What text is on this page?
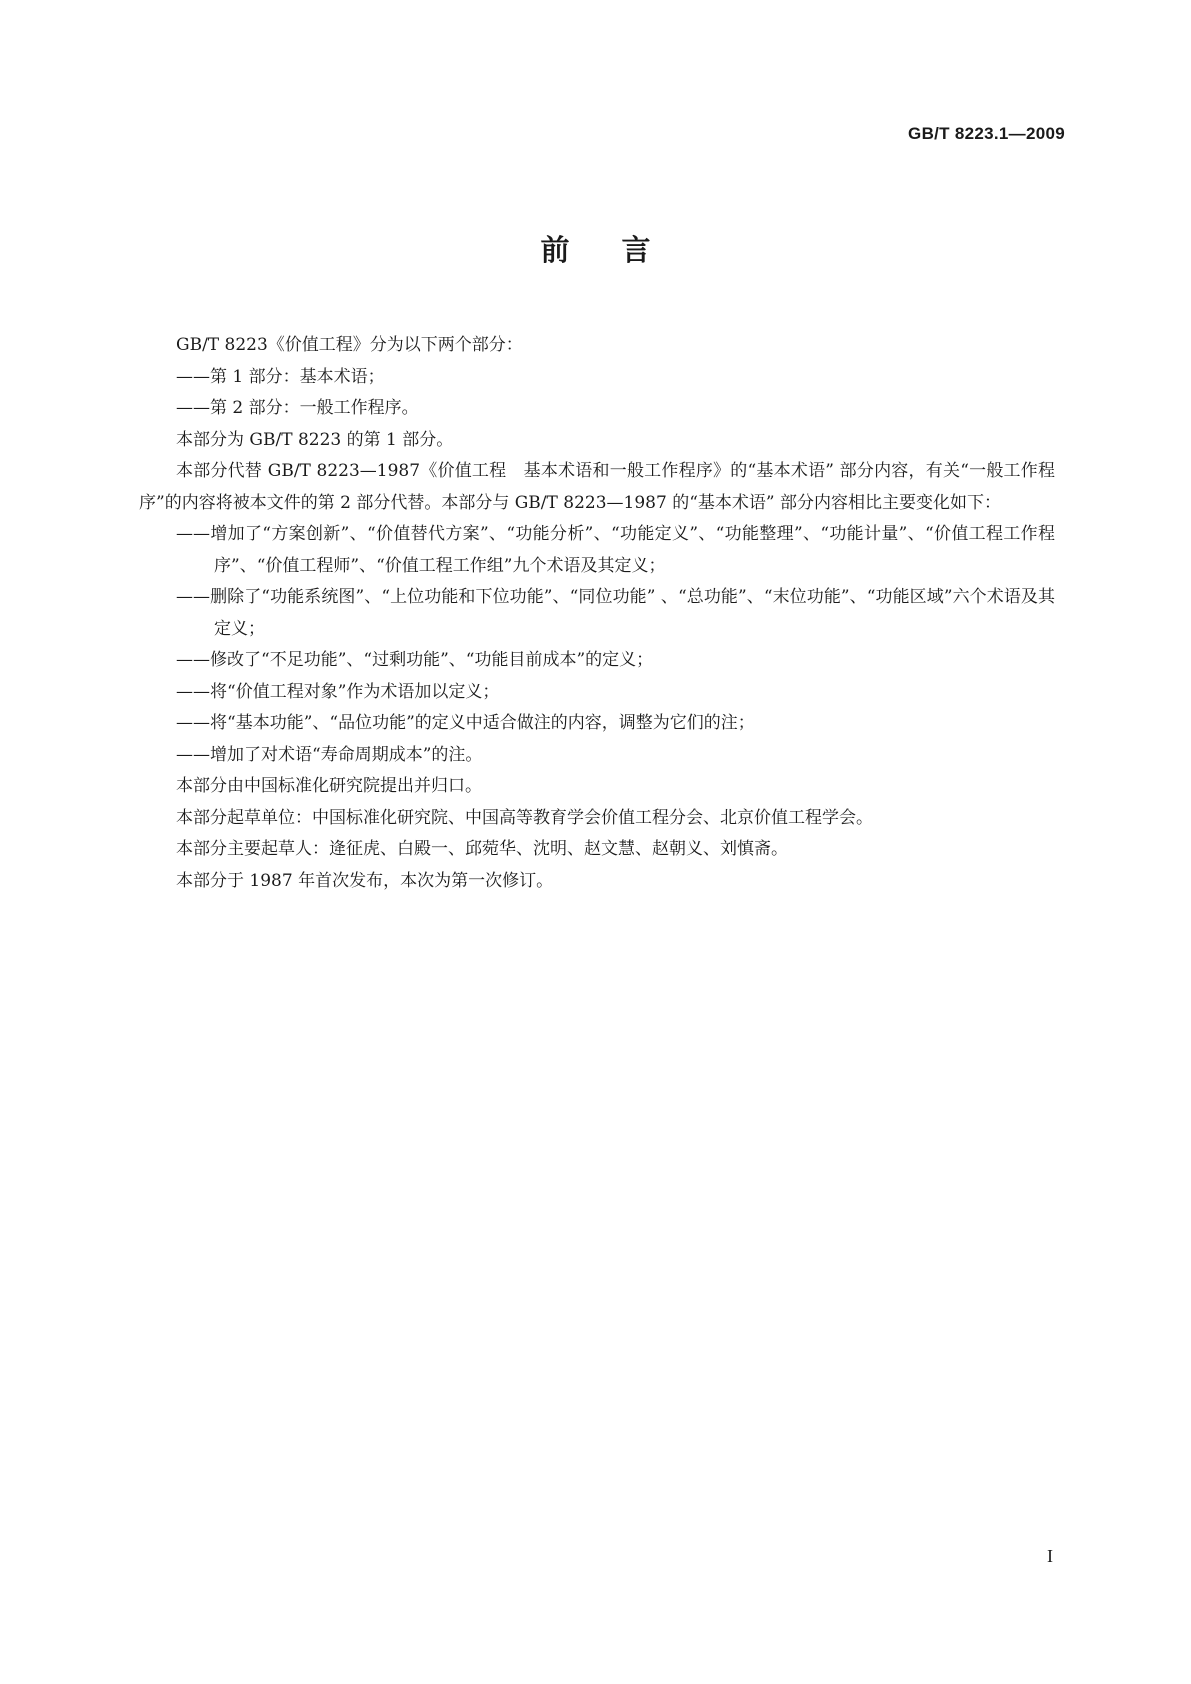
GB/T 8223.1—2009
前言

GB/T 8223《价值工程》分为以下两个部分：

——第 1 部分：基本术语；

——第 2 部分：一般工作程序。

本部分为 GB/T 8223 的第 1 部分。

本部分代替 GB/T 8223—1987《价值工程　基本术语和一般工作程序》的“基本术语” 部分内容，有关“一般工作程序”的内容将被本文件的第 2 部分代替。本部分与 GB/T 8223—1987 的“基本术语” 部分内容相比主要变化如下：

——增加了“方案创新”、“价值替代方案”、“功能分析”、“功能定义”、“功能整理”、“功能计量”、“价值工程工作程序”、“价值工程师”、“价值工程工作组”九个术语及其定义；

——删除了“功能系统图”、“上位功能和下位功能”、“同位功能” 、“总功能”、“末位功能”、“功能区域”六个术语及其定义；

——修改了“不足功能”、“过剩功能”、“功能目前成本”的定义；

——将“价值工程对象”作为术语加以定义；

——将“基本功能”、“品位功能”的定义中适合做注的内容，调整为它们的注；

——增加了对术语“寿命周期成本”的注。

本部分由中国标准化研究院提出并归口。

本部分起草单位：中国标准化研究院、中国高等教育学会价值工程分会、北京价值工程学会。

本部分主要起草人：逄征虎、白殿一、邱菀华、沈明、赵文慧、赵朝义、刘慎斋。

本部分于 1987 年首次发布，本次为第一次修订。

I
